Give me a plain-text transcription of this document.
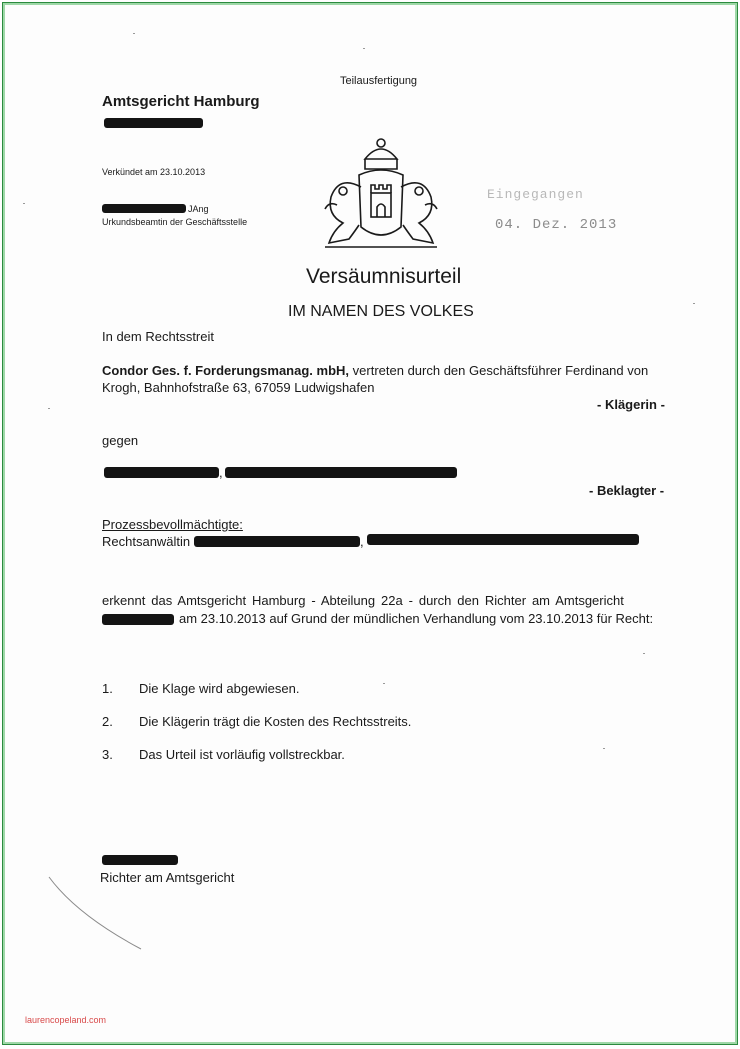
Teilausfertigung
Amtsgericht Hamburg
Verkündet am 23.10.2013
JAng
Urkundsbeamtin der Geschäftsstelle
Eingegangen
04. Dez. 2013
Versäumnisurteil
IM NAMEN DES VOLKES
In dem Rechtsstreit
Condor Ges. f. Forderungsmanag. mbH, vertreten durch den Geschäftsführer Ferdinand von
Krogh, Bahnhofstraße 63, 67059 Ludwigshafen
- Klägerin -
gegen
,
- Beklagter -
Prozessbevollmächtigte:
Rechtsanwältin	,
erkennt das Amtsgericht Hamburg - Abteilung 22a - durch den Richter am Amtsgericht
am 23.10.2013 auf Grund der mündlichen Verhandlung vom 23.10.2013 für Recht:
1. Die Klage wird abgewiesen.
2. Die Klägerin trägt die Kosten des Rechtsstreits.
3. Das Urteil ist vorläufig vollstreckbar.
Richter am Amtsgericht
laurencopeland.com
